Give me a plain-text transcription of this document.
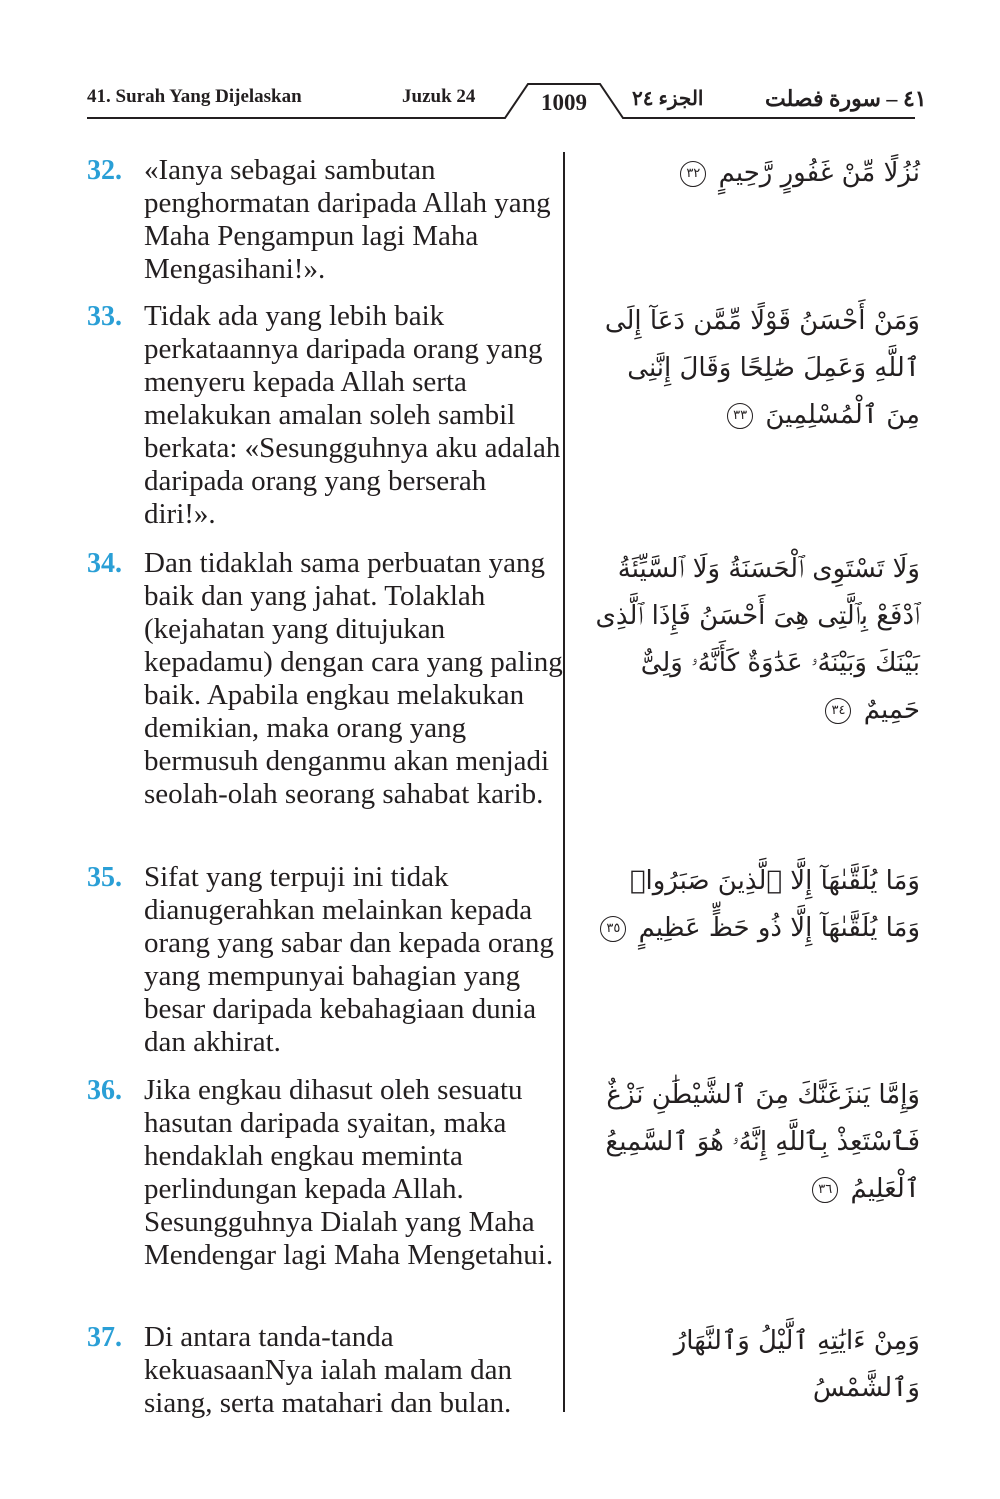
41. Surah Yang Dijelaskan	Juzuk 24	1009	الجزء ٢٤	٤١ – سورة فصلت
32. «Ianya sebagai sambutan penghormatan daripada Allah yang Maha Pengampun lagi Maha Mengasihani!».
نُزُلًا مِّنْ غَفُورٍ رَّحِيمٍ ٣٢
33. Tidak ada yang lebih baik perkataannya daripada orang yang menyeru kepada Allah serta melakukan amalan soleh sambil berkata: «Sesungguhnya aku adalah daripada orang yang berserah diri!».
وَمَنْ أَحْسَنُ قَوْلًا مِّمَّن دَعَآ إِلَى ٱللَّهِ وَعَمِلَ صَٰلِحًا وَقَالَ إِنَّنِى مِنَ ٱلْمُسْلِمِينَ ٣٣
34. Dan tidaklah sama perbuatan yang baik dan yang jahat. Tolaklah (kejahatan yang ditujukan kepadamu) dengan cara yang paling baik. Apabila engkau melakukan demikian, maka orang yang bermusuh denganmu akan menjadi seolah-olah seorang sahabat karib.
وَلَا تَسْتَوِى ٱلْحَسَنَةُ وَلَا ٱلسَّيِّئَةُ ٱدْفَعْ بِٱلَّتِى هِىَ أَحْسَنُ فَإِذَا ٱلَّذِى بَيْنَكَ وَبَيْنَهُۥ عَدَٰوَةٌ كَأَنَّهُۥ وَلِىٌّ حَمِيمٌ ٣٤
35. Sifat yang terpuji ini tidak dianugerahkan melainkan kepada orang yang sabar dan kepada orang yang mempunyai bahagian yang besar daripada kebahagiaan dunia dan akhirat.
وَمَا يُلَقَّىٰهَآ إِلَّا ٱلَّذِينَ صَبَرُوا۟ وَمَا يُلَقَّىٰهَآ إِلَّا ذُو حَظٍّ عَظِيمٍ ٣٥
36. Jika engkau dihasut oleh sesuatu hasutan daripada syaitan, maka hendaklah engkau meminta perlindungan kepada Allah. Sesungguhnya Dialah yang Maha Mendengar lagi Maha Mengetahui.
وَإِمَّا يَنزَغَنَّكَ مِنَ ٱلشَّيْطَٰنِ نَزْغٌ فَٱسْتَعِذْ بِٱللَّهِ إِنَّهُۥ هُوَ ٱلسَّمِيعُ ٱلْعَلِيمُ ٣٦
37. Di antara tanda-tanda kekuasaanNya ialah malam dan siang, serta matahari dan bulan.
وَمِنْ ءَايَٰتِهِ ٱلَّيْلُ وَٱلنَّهَارُ وَٱلشَّمْسُ
